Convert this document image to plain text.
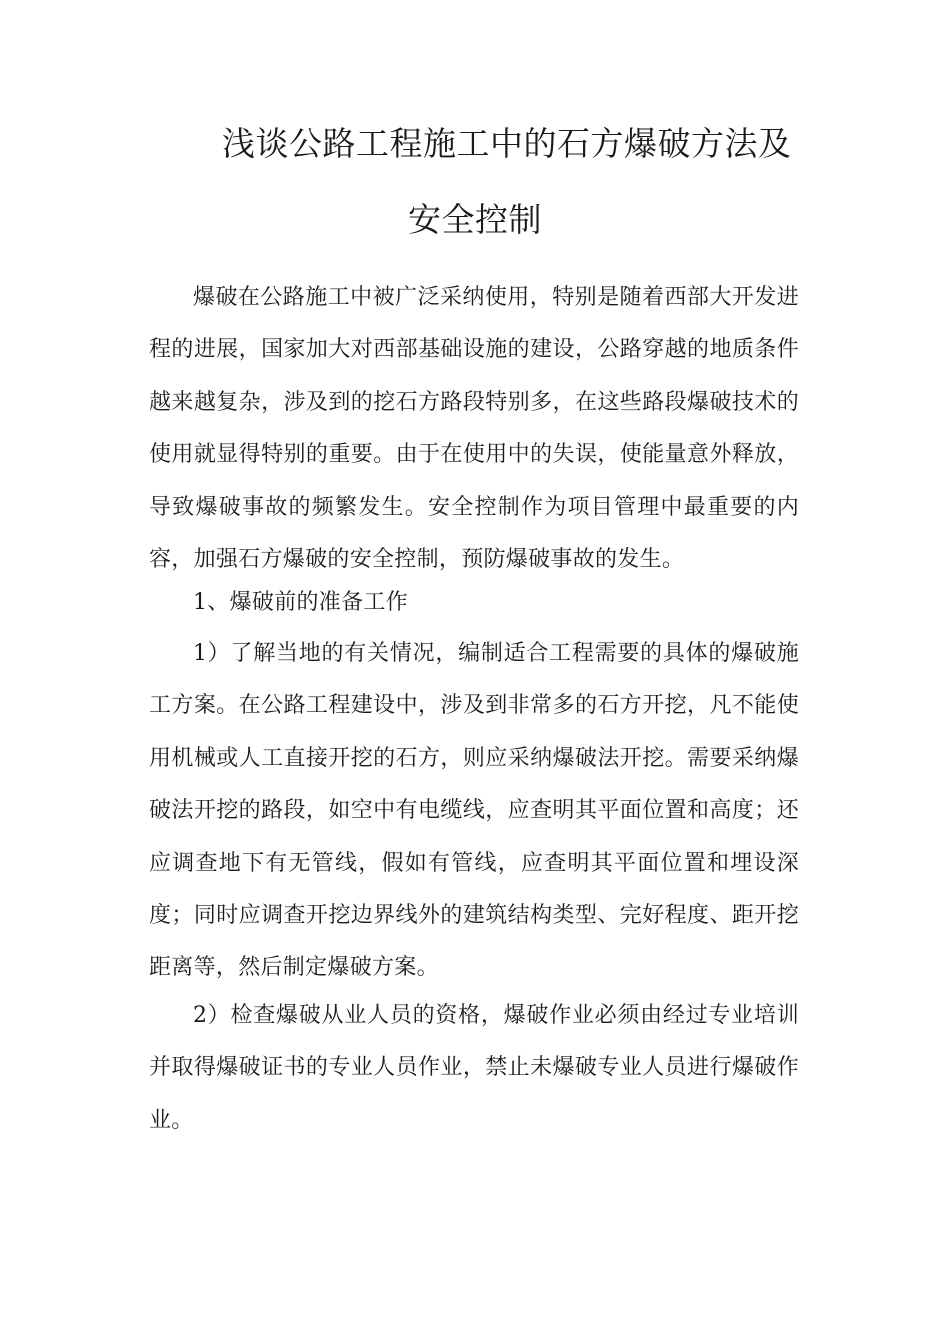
浅谈公路工程施工中的石方爆破方法及
安全控制

爆破在公路施工中被广泛采纳使用，特别是随着西部大开发进程的进展，国家加大对西部基础设施的建设，公路穿越的地质条件越来越复杂，涉及到的挖石方路段特别多，在这些路段爆破技术的使用就显得特别的重要。由于在使用中的失误，使能量意外释放，导致爆破事故的频繁发生。安全控制作为项目管理中最重要的内容，加强石方爆破的安全控制，预防爆破事故的发生。

1、爆破前的准备工作

1）了解当地的有关情况，编制适合工程需要的具体的爆破施工方案。在公路工程建设中，涉及到非常多的石方开挖，凡不能使用机械或人工直接开挖的石方，则应采纳爆破法开挖。需要采纳爆破法开挖的路段，如空中有电缆线，应查明其平面位置和高度；还应调查地下有无管线，假如有管线，应查明其平面位置和埋设深度；同时应调查开挖边界线外的建筑结构类型、完好程度、距开挖距离等，然后制定爆破方案。

2）检查爆破从业人员的资格，爆破作业必须由经过专业培训并取得爆破证书的专业人员作业，禁止未爆破专业人员进行爆破作业。
